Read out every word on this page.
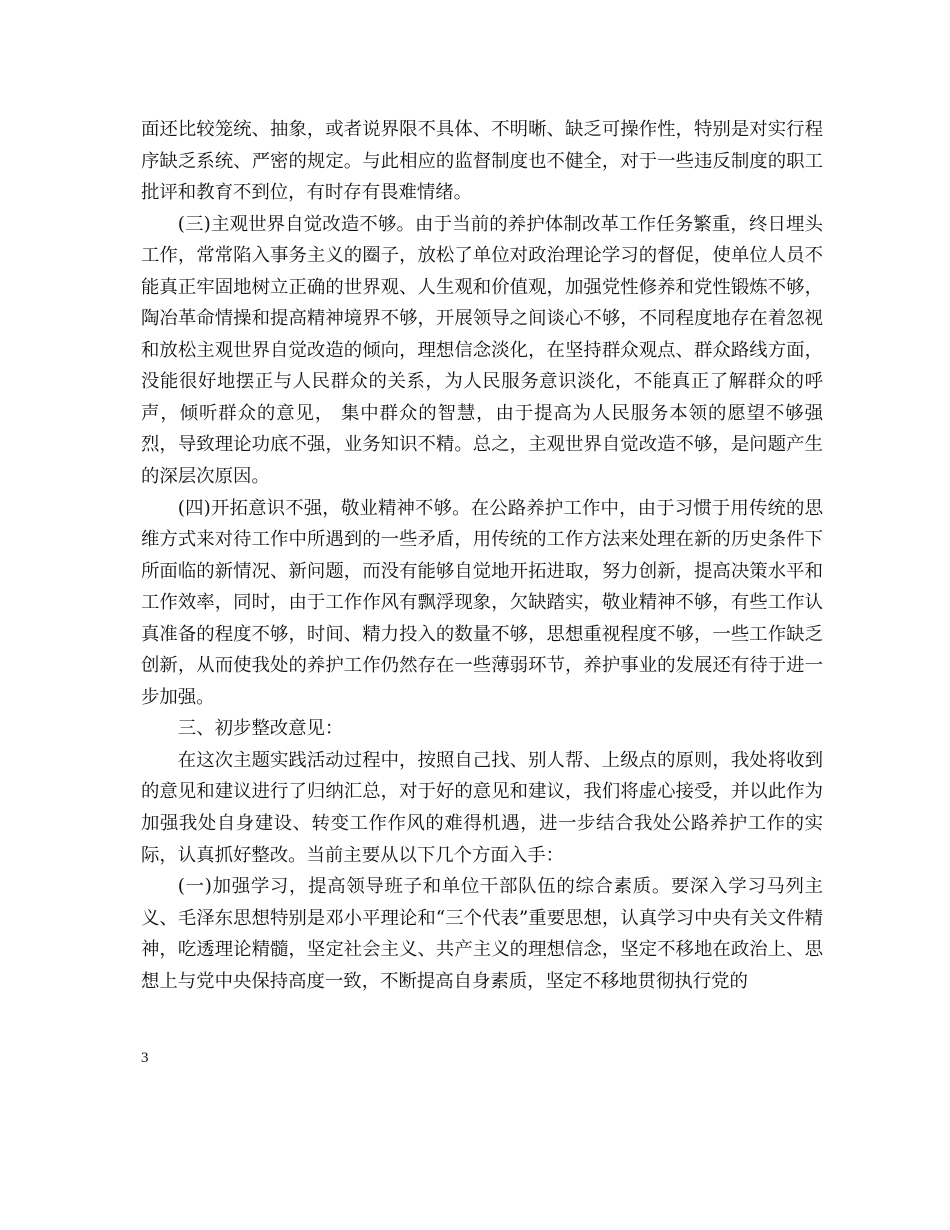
面还比较笼统、抽象，或者说界限不具体、不明晰、缺乏可操作性，特别是对实行程序缺乏系统、严密的规定。与此相应的监督制度也不健全，对于一些违反制度的职工批评和教育不到位，有时存有畏难情绪。

(三)主观世界自觉改造不够。由于当前的养护体制改革工作任务繁重，终日埋头工作，常常陷入事务主义的圈子，放松了单位对政治理论学习的督促，使单位人员不能真正牢固地树立正确的世界观、人生观和价值观，加强党性修养和党性锻炼不够，陶冶革命情操和提高精神境界不够，开展领导之间谈心不够，不同程度地存在着忽视和放松主观世界自觉改造的倾向，理想信念淡化，在坚持群众观点、群众路线方面，没能很好地摆正与人民群众的关系，为人民服务意识淡化，不能真正了解群众的呼声，倾听群众的意见， 集中群众的智慧，由于提高为人民服务本领的愿望不够强烈，导致理论功底不强，业务知识不精。总之，主观世界自觉改造不够，是问题产生的深层次原因。

(四)开拓意识不强，敬业精神不够。在公路养护工作中，由于习惯于用传统的思维方式来对待工作中所遇到的一些矛盾，用传统的工作方法来处理在新的历史条件下所面临的新情况、新问题，而没有能够自觉地开拓进取，努力创新，提高决策水平和工作效率，同时，由于工作作风有飘浮现象，欠缺踏实，敬业精神不够，有些工作认真准备的程度不够，时间、精力投入的数量不够，思想重视程度不够，一些工作缺乏创新，从而使我处的养护工作仍然存在一些薄弱环节，养护事业的发展还有待于进一步加强。

三、初步整改意见：

在这次主题实践活动过程中，按照自己找、别人帮、上级点的原则，我处将收到的意见和建议进行了归纳汇总，对于好的意见和建议，我们将虚心接受，并以此作为加强我处自身建设、转变工作作风的难得机遇，进一步结合我处公路养护工作的实际，认真抓好整改。当前主要从以下几个方面入手：

(一)加强学习，提高领导班子和单位干部队伍的综合素质。要深入学习马列主义、毛泽东思想特别是邓小平理论和“三个代表”重要思想，认真学习中央有关文件精神，吃透理论精髓，坚定社会主义、共产主义的理想信念，坚定不移地在政治上、思想上与党中央保持高度一致，不断提高自身素质，坚定不移地贯彻执行党的

3
